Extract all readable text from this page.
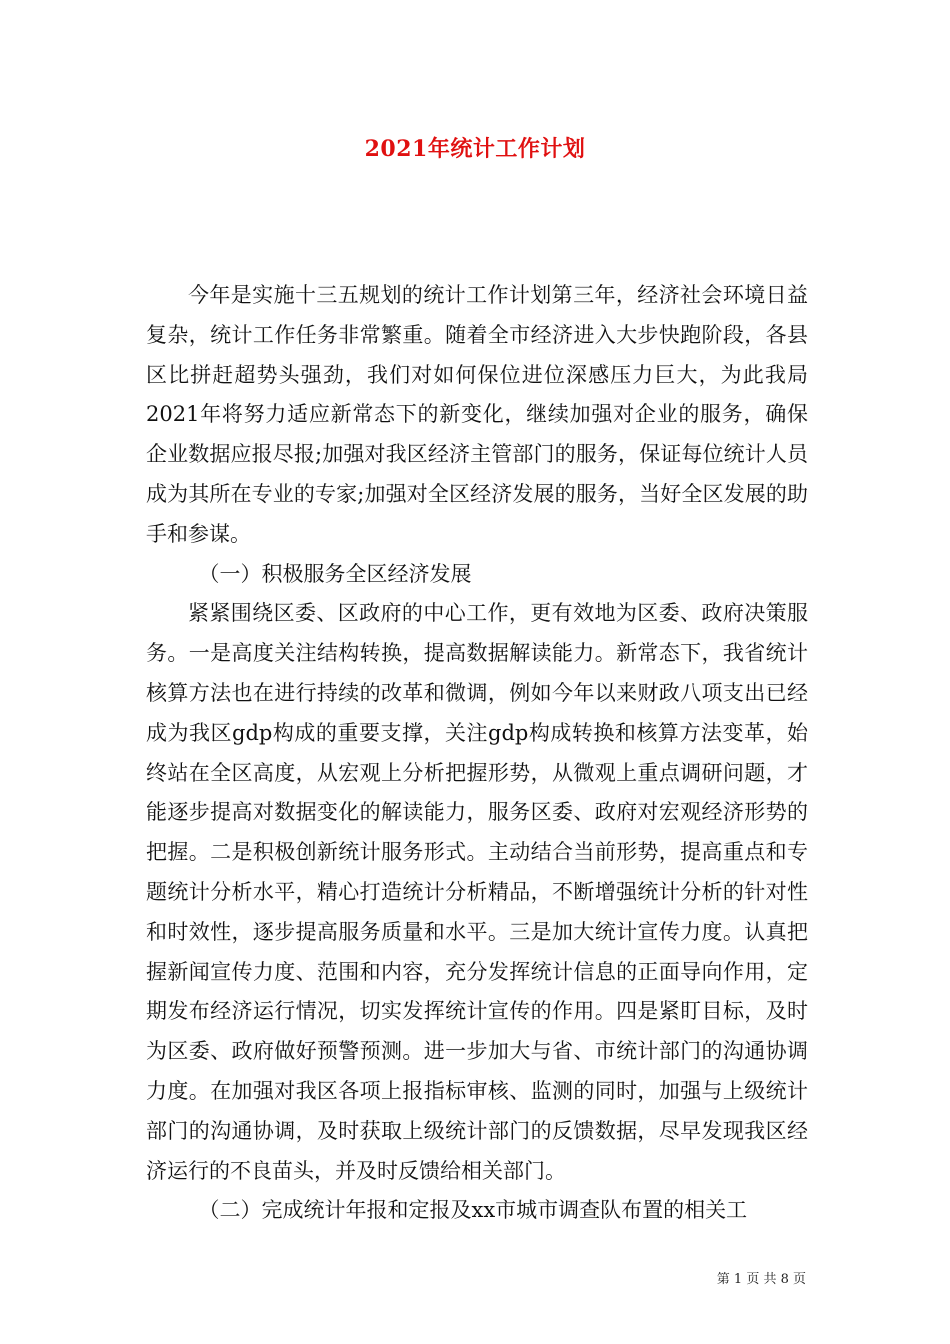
2021年统计工作计划

今年是实施十三五规划的统计工作计划第三年，经济社会环境日益复杂，统计工作任务非常繁重。随着全市经济进入大步快跑阶段，各县区比拼赶超势头强劲，我们对如何保位进位深感压力巨大，为此我局2021年将努力适应新常态下的新变化，继续加强对企业的服务，确保企业数据应报尽报;加强对我区经济主管部门的服务，保证每位统计人员成为其所在专业的专家;加强对全区经济发展的服务，当好全区发展的助手和参谋。

（一）积极服务全区经济发展

紧紧围绕区委、区政府的中心工作，更有效地为区委、政府决策服务。一是高度关注结构转换，提高数据解读能力。新常态下，我省统计核算方法也在进行持续的改革和微调，例如今年以来财政八项支出已经成为我区gdp构成的重要支撑，关注gdp构成转换和核算方法变革，始终站在全区高度，从宏观上分析把握形势，从微观上重点调研问题，才能逐步提高对数据变化的解读能力，服务区委、政府对宏观经济形势的把握。二是积极创新统计服务形式。主动结合当前形势，提高重点和专题统计分析水平，精心打造统计分析精品，不断增强统计分析的针对性和时效性，逐步提高服务质量和水平。三是加大统计宣传力度。认真把握新闻宣传力度、范围和内容，充分发挥统计信息的正面导向作用，定期发布经济运行情况，切实发挥统计宣传的作用。四是紧盯目标，及时为区委、政府做好预警预测。进一步加大与省、市统计部门的沟通协调力度。在加强对我区各项上报指标审核、监测的同时，加强与上级统计部门的沟通协调，及时获取上级统计部门的反馈数据，尽早发现我区经济运行的不良苗头，并及时反馈给相关部门。

（二）完成统计年报和定报及xx市城市调查队布置的相关工

第 1 页 共 8 页
